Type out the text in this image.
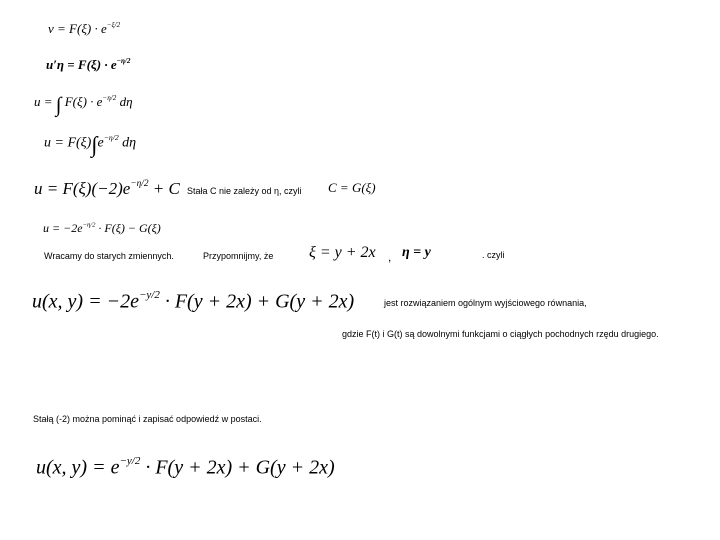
$v = F(\xi) \cdot e^{-\xi/2}$
$u'\eta = F(\xi) \cdot e^{-\eta/2}$
u = ∫ $F(\xi) \cdot e^{-\eta/2}$ dη
$u = F(\xi)\int e^{-\eta/2}$ dη
$u = F(\xi)(-2)e^{-\eta/2} + C$ Stała C nie zależy od η, czyli C = G(ξ)
$u = -2e^{-\eta/2} \cdot F(\xi) - G(\xi)$
Wracamy do starych zmiennych.	Przypomnijmy, że ξ = y + 2x , η = y	. czyli
u(x, $y) = -2e^{-y/2} \cdot F(y + 2x) + G(y + 2x)$	jest rozwiązaniem ogólnym wyjściowego równania,
gdzie F(t) i G(t) są dowolnymi funkcjami o ciągłych pochodnych rzędu drugiego.
Stałą (-2) można pominąć i zapisać odpowiedź w postaci.
u(x, $y) = e^{-y/2} \cdot F(y + 2x) + G(y + 2x)$
